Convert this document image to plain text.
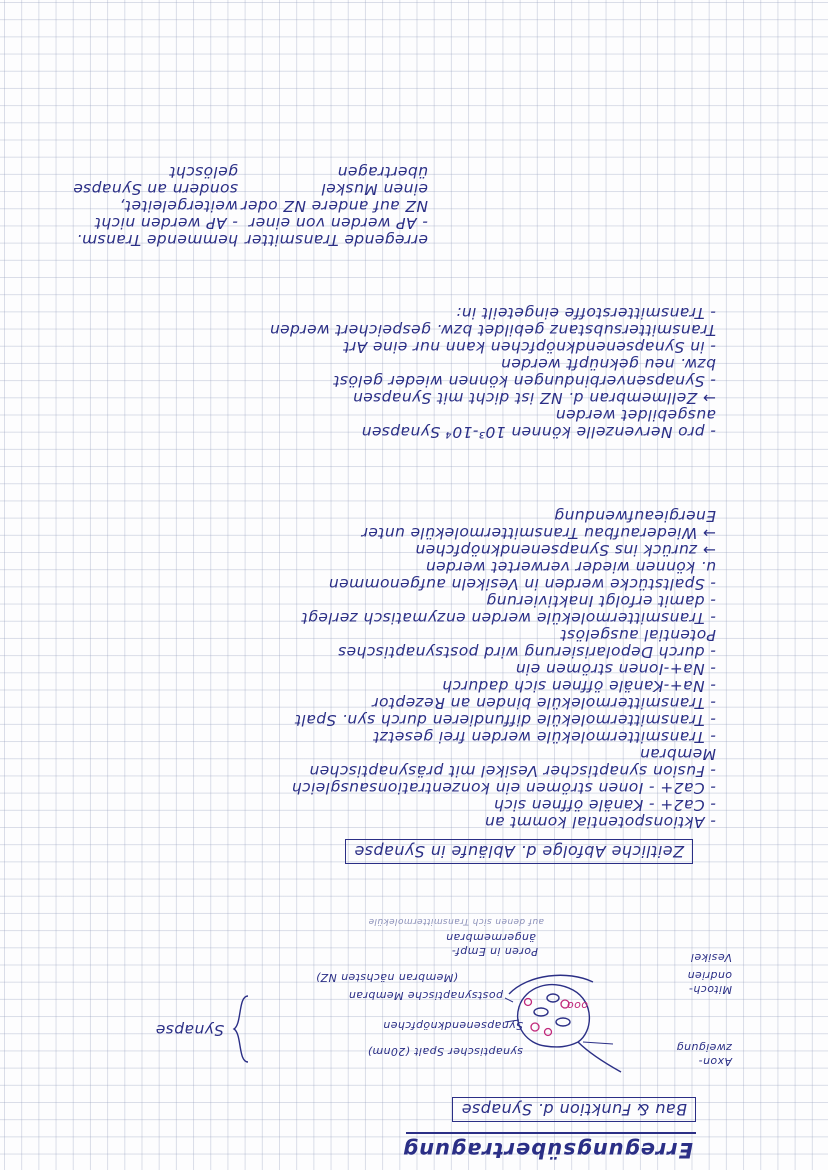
Erregungsübertragung
Bau & Funktion d. Synapse
Axon-
zweigung
Mitoch-
ondrien
Vesikel
synaptischer Spalt (20nm)
Synapsenendknöpfchen
postsynaptische Membran
(Membran nächsten NZ)
Poren in Empf-
ängermembran
auf denen sich Transmittermoleküle
Synapse
ooo
Zeitliche Abfolge d. Abläufe in Synapse
- Aktionspotential kommt an
- Ca2+ - Kanäle öffnen sich
- Ca2+ - Ionen strömen ein konzentrationsausgleich
- Fusion synaptischer Vesikel mit präsynaptischen
Membran
- Transmittermoleküle werden frei gesetzt
- Transmittermoleküle diffundieren durch syn. Spalt
- Transmittermoleküle binden an Rezeptor
- Na+-Kanäle öffnen sich dadurch
- Na+-Ionen strömen ein
- durch Depolarisierung wird postsynaptisches
Potential ausgelöst
- Transmittermoleküle werden enzymatisch zerlegt
- damit erfolgt Inaktivierung
- Spaltstücke werden in Vesikeln aufgenommen
u. können wieder verwertet werden
→ zurück ins Synapsenendknöpfchen
→ Wiederaufbau Transmittermoleküle unter
Energieaufwendung
- pro Nervenzelle können 10³-10⁴ Synapsen
ausgebildet werden
→ Zellmembran d. NZ ist dicht mit Synapsen
- Synapsenverbindungen können wieder gelöst
bzw. neu geknüpft werden
- in Synapsenendknöpfchen kann nur eine Art
Transmittersubstanz gebildet bzw. gespeichert werden
- Transmitterstoffe eingeteilt in:
erregende Transmitter
- AP werden von einer
NZ auf andere NZ oder
einen Muskel
übertragen
hemmende Transm.
- AP werden nicht
weitergeleitet,
sondern an Synapse
gelöscht
